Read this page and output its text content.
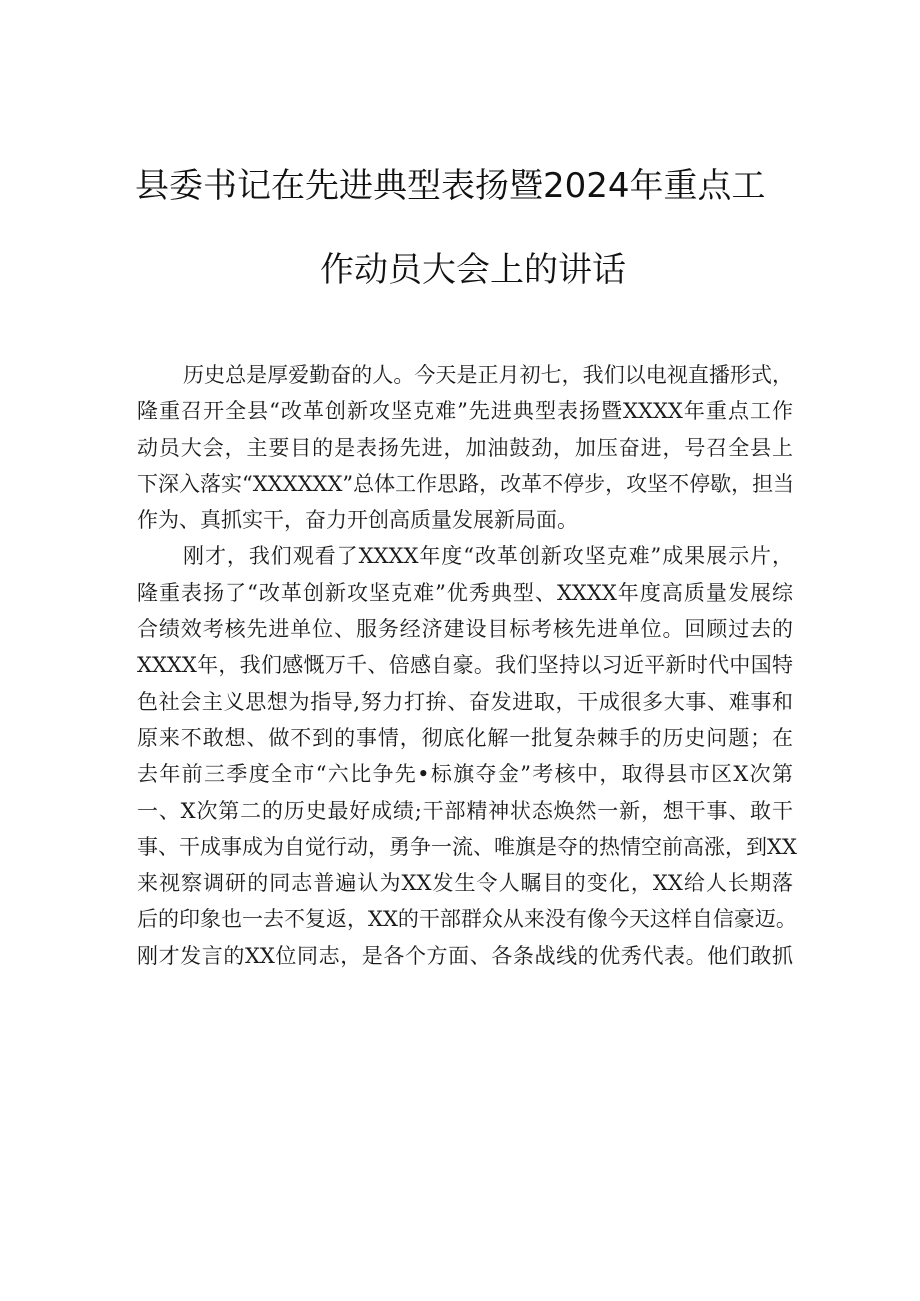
县委书记在先进典型表扬暨2024年重点工
作动员大会上的讲话

历史总是厚爱勤奋的人。今天是正月初七，我们以电视直播形式，
隆重召开全县“改革创新攻坚克难”先进典型表扬暨XXXX年重点工作
动员大会，主要目的是表扬先进，加油鼓劲，加压奋进，号召全县上
下深入落实“XXXXXX”总体工作思路，改革不停步，攻坚不停歇，担当
作为、真抓实干，奋力开创高质量发展新局面。

刚才，我们观看了XXXX年度“改革创新攻坚克难”成果展示片，
隆重表扬了“改革创新攻坚克难”优秀典型、XXXX年度高质量发展综
合绩效考核先进单位、服务经济建设目标考核先进单位。回顾过去的
XXXX年，我们感慨万千、倍感自豪。我们坚持以习近平新时代中国特
色社会主义思想为指导,努力打拚、奋发进取，干成很多大事、难事和
原来不敢想、做不到的事情，彻底化解一批复杂棘手的历史问题；在
去年前三季度全市“六比争先•标旗夺金”考核中，取得县市区X次第
一、X次第二的历史最好成绩;干部精神状态焕然一新，想干事、敢干
事、干成事成为自觉行动，勇争一流、唯旗是夺的热情空前高涨，到XX
来视察调研的同志普遍认为XX发生令人瞩目的变化，XX给人长期落
后的印象也一去不复返，XX的干部群众从来没有像今天这样自信豪迈。
刚才发言的XX位同志，是各个方面、各条战线的优秀代表。他们敢抓
